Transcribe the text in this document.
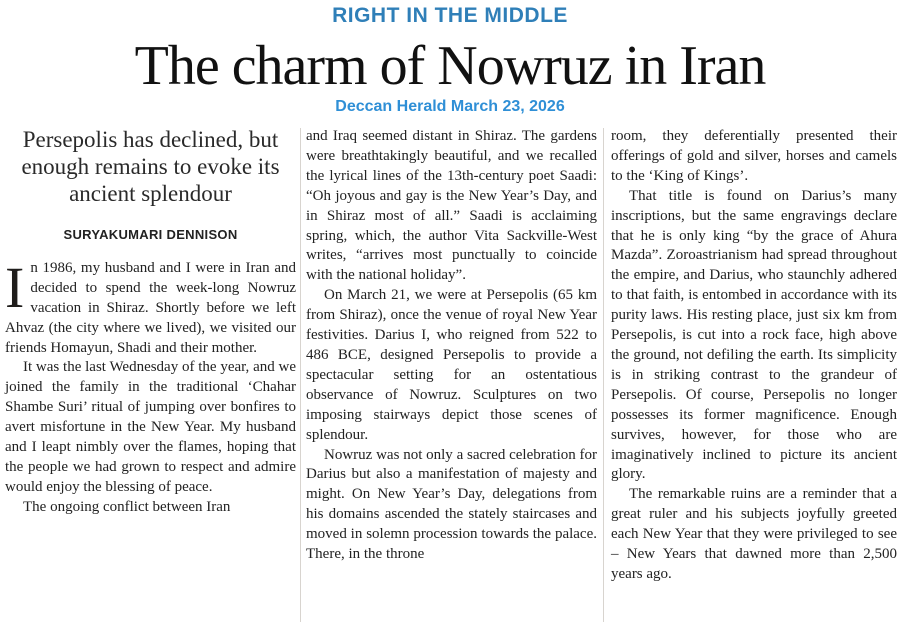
RIGHT IN THE MIDDLE
The charm of Nowruz in Iran
Deccan Herald March 23, 2026
Persepolis has declined, but enough remains to evoke its ancient splendour
SURYAKUMARI DENNISON

In 1986, my husband and I were in Iran and decided to spend the week-long Nowruz vacation in Shiraz. Shortly before we left Ahvaz (the city where we lived), we visited our friends Homayun, Shadi and their mother.

It was the last Wednesday of the year, and we joined the family in the traditional ‘Chahar Shambe Suri’ ritual of jumping over bonfires to avert misfortune in the New Year. My husband and I leapt nimbly over the flames, hoping that the people we had grown to respect and admire would enjoy the blessing of peace.

The ongoing conflict between Iran

and Iraq seemed distant in Shiraz. The gardens were breathtakingly beautiful, and we recalled the lyrical lines of the 13th-century poet Saadi: “Oh joyous and gay is the New Year’s Day, and in Shiraz most of all.” Saadi is acclaiming spring, which, the author Vita Sackville-West writes, “arrives most punctually to coincide with the national holiday”.

On March 21, we were at Persepolis (65 km from Shiraz), once the venue of royal New Year festivities. Darius I, who reigned from 522 to 486 BCE, designed Persepolis to provide a spectacular setting for an ostentatious observance of Nowruz. Sculptures on two imposing stairways depict those scenes of splendour.

Nowruz was not only a sacred celebration for Darius but also a manifestation of majesty and might. On New Year’s Day, delegations from his domains ascended the stately staircases and moved in solemn procession towards the palace. There, in the throne

room, they deferentially presented their offerings of gold and silver, horses and camels to the ‘King of Kings’.

That title is found on Darius’s many inscriptions, but the same engravings declare that he is only king “by the grace of Ahura Mazda”. Zoroastrianism had spread throughout the empire, and Darius, who staunchly adhered to that faith, is entombed in accordance with its purity laws. His resting place, just six km from Persepolis, is cut into a rock face, high above the ground, not defiling the earth. Its simplicity is in striking contrast to the grandeur of Persepolis. Of course, Persepolis no longer possesses its former magnificence. Enough survives, however, for those who are imaginatively inclined to picture its ancient glory.

The remarkable ruins are a reminder that a great ruler and his subjects joyfully greeted each New Year that they were privileged to see – New Years that dawned more than 2,500 years ago.
